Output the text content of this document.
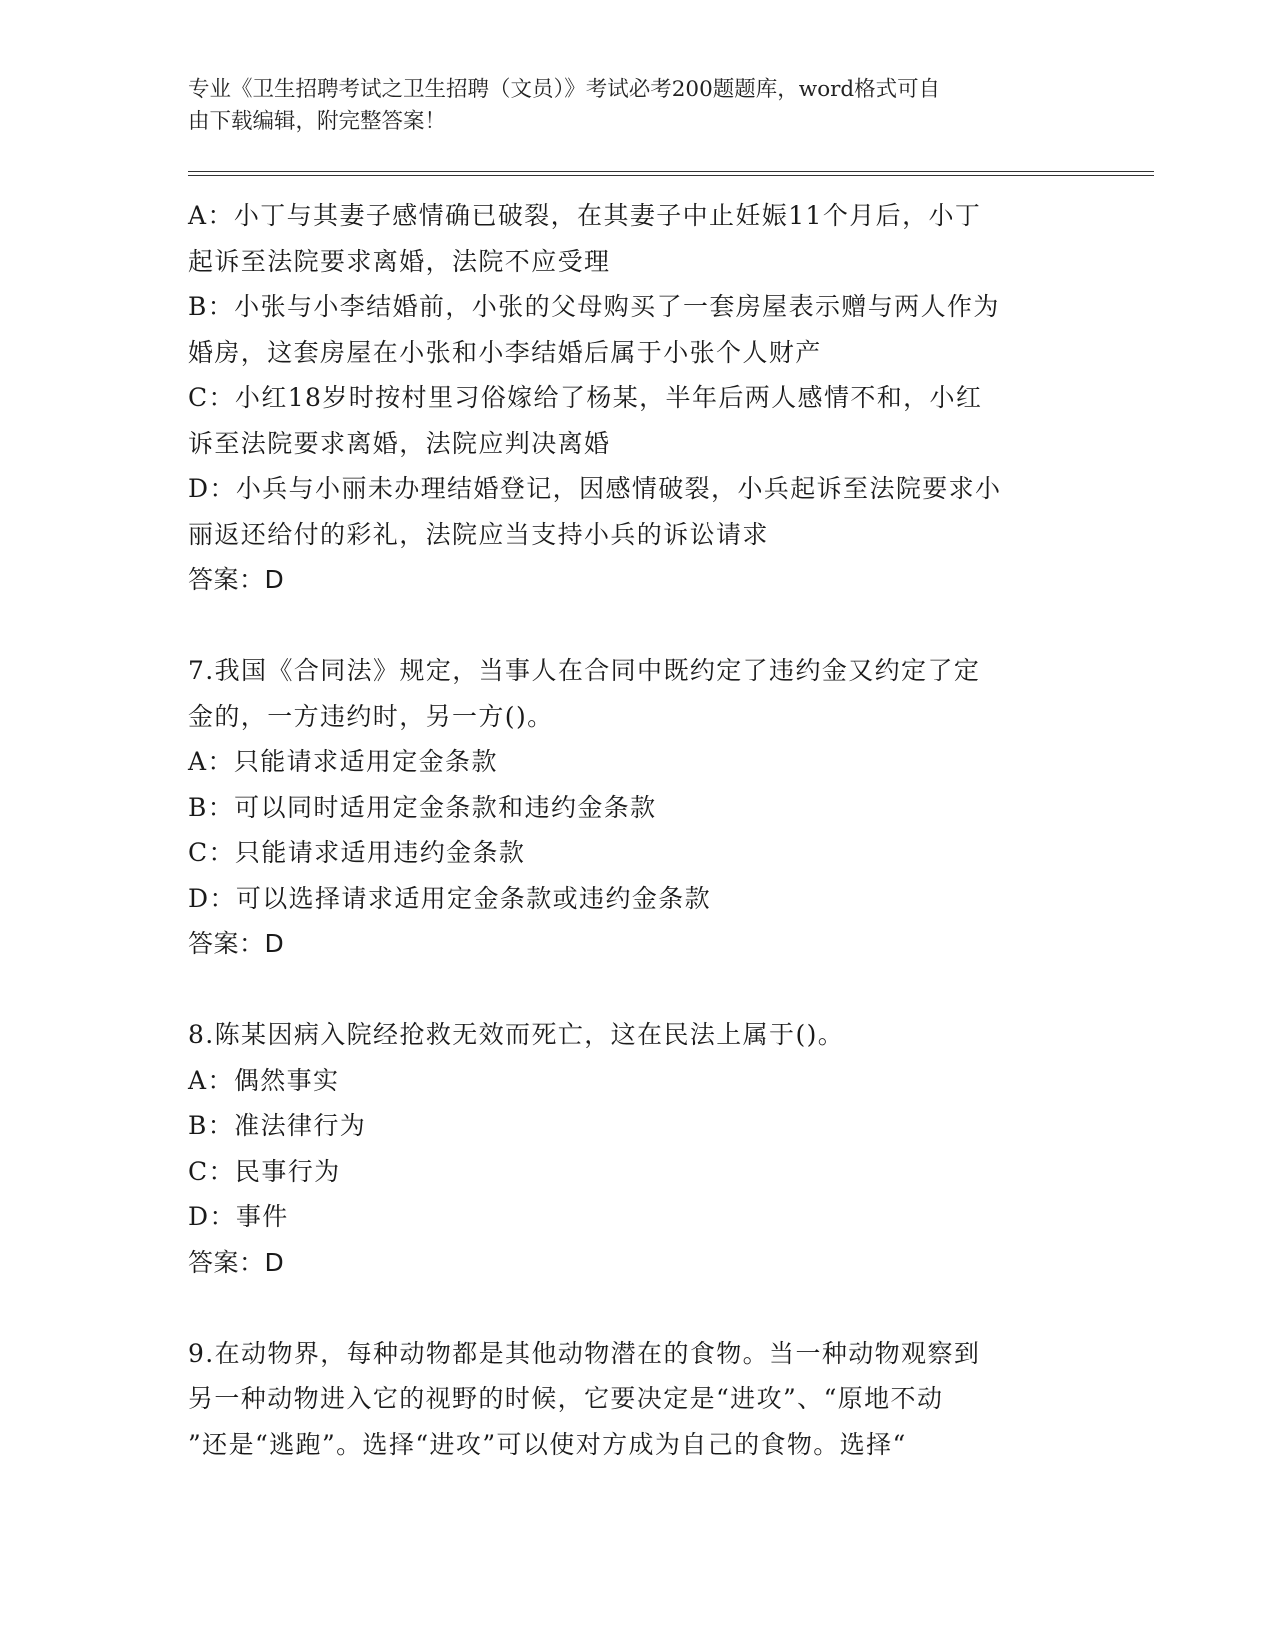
专业《卫生招聘考试之卫生招聘（文员）》考试必考200题题库，word格式可自
由下载编辑，附完整答案！
A：小丁与其妻子感情确已破裂，在其妻子中止妊娠11个月后，小丁
起诉至法院要求离婚，法院不应受理
B：小张与小李结婚前，小张的父母购买了一套房屋表示赠与两人作为
婚房，这套房屋在小张和小李结婚后属于小张个人财产
C：小红18岁时按村里习俗嫁给了杨某，半年后两人感情不和，小红
诉至法院要求离婚，法院应判决离婚
D：小兵与小丽未办理结婚登记，因感情破裂，小兵起诉至法院要求小
丽返还给付的彩礼，法院应当支持小兵的诉讼请求
答案：D
7.我国《合同法》规定，当事人在合同中既约定了违约金又约定了定
金的，一方违约时，另一方()。
A：只能请求适用定金条款
B：可以同时适用定金条款和违约金条款
C：只能请求适用违约金条款
D：可以选择请求适用定金条款或违约金条款
答案：D
8.陈某因病入院经抢救无效而死亡，这在民法上属于()。
A：偶然事实
B：准法律行为
C：民事行为
D：事件
答案：D
9.在动物界，每种动物都是其他动物潜在的食物。当一种动物观察到
另一种动物进入它的视野的时候，它要决定是“进攻”、“原地不动
”还是“逃跑”。选择“进攻”可以使对方成为自己的食物。选择“
